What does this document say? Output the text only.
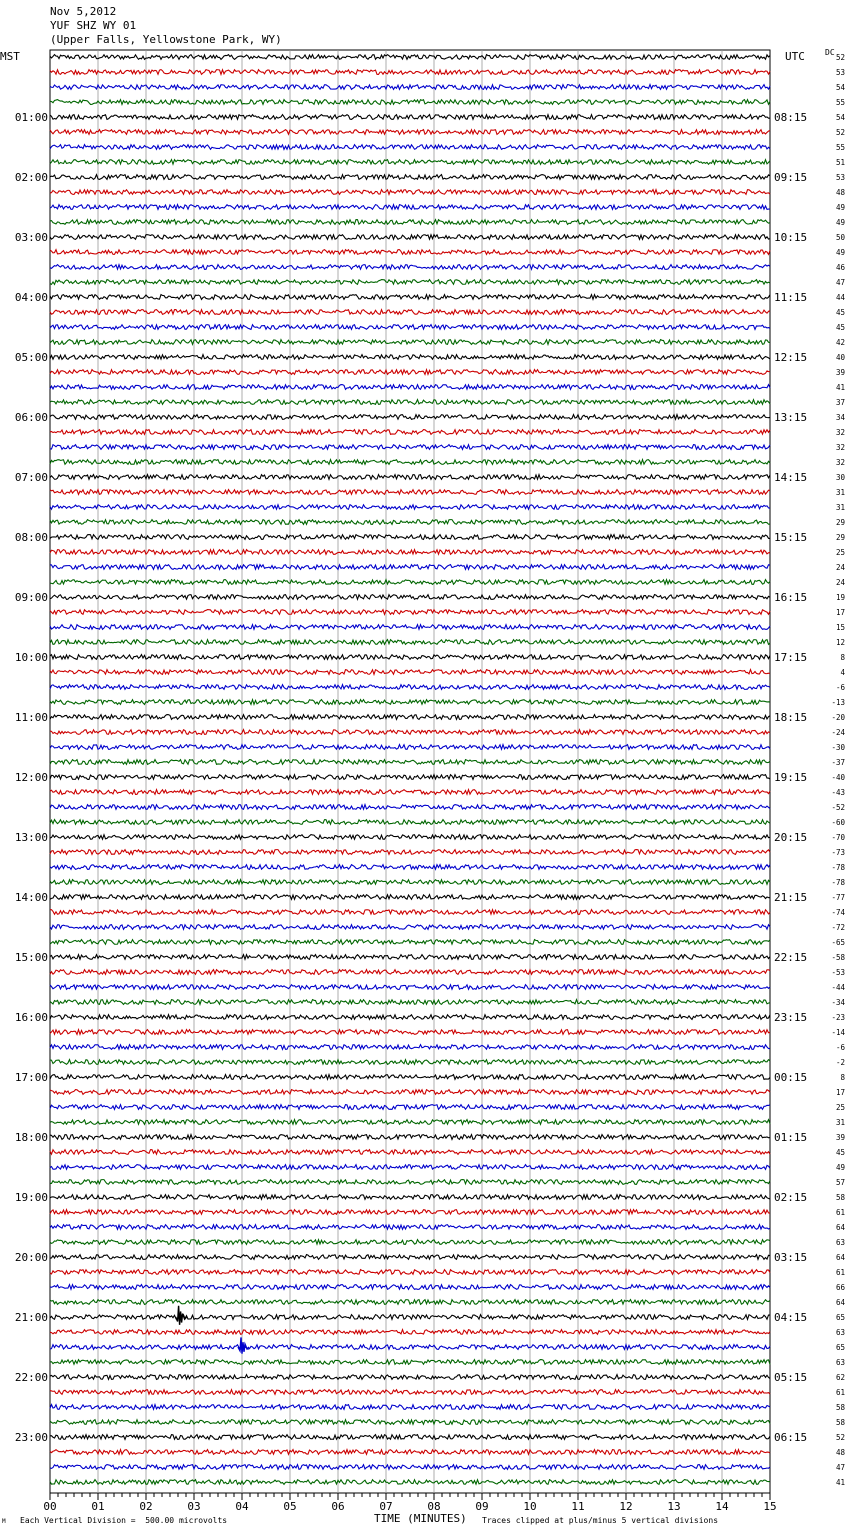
00	01	02	03	04	05	06	07	08	09	10	11	12	13	14	15
01:00
02:00
03:00
04:00
05:00
06:00
07:00
08:00
09:00
10:00
11:00
12:00
13:00
14:00
15:00
16:00
17:00
18:00
19:00
20:00
21:00
22:00
23:00
08:15
09:15
10:15
11:15
12:15
13:15
14:15
15:15
16:15
17:15
18:15
19:15
20:15
21:15
22:15
23:15
00:15
01:15
02:15
03:15
04:15
05:15
06:15
52
53
54
55
54
52
55
51
53
48
49
49
50
49
46
47
44
45
45
42
40
39
41
37
34
32
32
32
30
31
31
29
29
25
24
24
19
17
15
12
8
4
-6
-13
-20
-24
-30
-37
-40
-43
-52
-60
-70
-73
-78
-78
-77
-74
-72
-65
-58
-53
-44
-34
-23
-14
-6
-2
8
17
25
31
39
45
49
57
58
61
64
63
64
61
66
64
65
63
65
63
62
61
58
58
52
48
47
41
Nov 5,2012
YUF SHZ WY 01
(Upper Falls, Yellowstone Park, WY)
MST	UTC	DC
M Each Vertical Division =  500.00 microvolts	TIME (MINUTES) Traces clipped at plus/minus 5 vertical divisions
